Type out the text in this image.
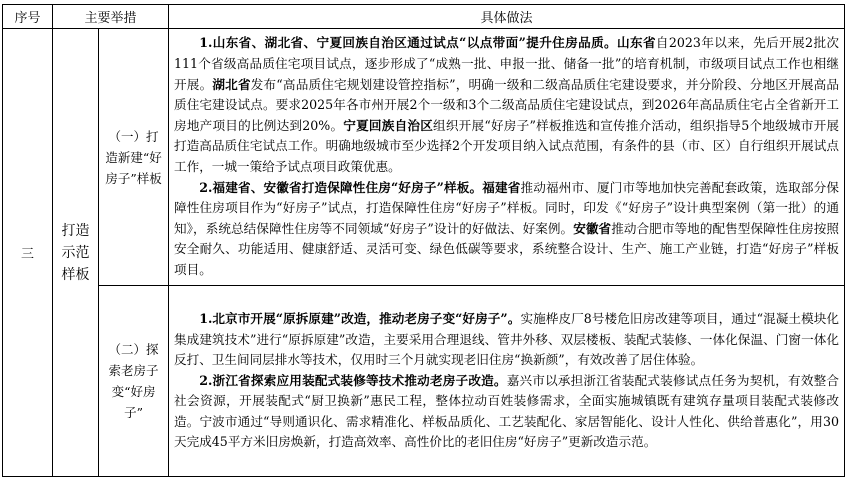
序号	主要举措		具体做法
三	打造示范样板	（一）打造新建“好房子”样板	1.山东省、湖北省、宁夏回族自治区通过试点“以点带面”提升住房品质。山东省自2023年以来，先后开展2批次111个省级高品质住宅项目试点，逐步形成了“成熟一批、申报一批、储备一批”的培育机制，市级项目试点工作也相继开展。湖北省发布“高品质住宅规划建设管控指标”，明确一级和二级高品质住宅建设要求，并分阶段、分地区开展高品质住宅建设试点。要求2025年各市州开展2个一级和3个二级高品质住宅建设试点，到2026年高品质住宅占全省新开工房地产项目的比例达到20%。宁夏回族自治区组织开展“好房子”样板推选和宣传推介活动，组织指导5个地级城市开展打造高品质住宅试点工作。明确地级城市至少选择2个开发项目纳入试点范围，有条件的县（市、区）自行组织开展试点工作，一城一策给予试点项目政策优惠。

2.福建省、安徽省打造保障性住房“好房子”样板。福建省推动福州市、厦门市等地加快完善配套政策，选取部分保障性住房项目作为“好房子”试点，打造保障性住房“好房子”样板。同时，印发《“好房子”设计典型案例（第一批）的通知》，系统总结保障性住房等不同领域“好房子”设计的好做法、好案例。安徽省推动合肥市等地的配售型保障性住房按照安全耐久、功能适用、健康舒适、灵活可变、绿色低碳等要求，系统整合设计、生产、施工产业链，打造“好房子”样板项目。

		（二）探索老房子变“好房子”	1.北京市开展“原拆原建”改造，推动老房子变“好房子”。实施桦皮厂8号楼危旧房改建等项目，通过“混凝土模块化集成建筑技术”进行“原拆原建”改造，主要采用合理退线、管井外移、双层楼板、装配式装修、一体化保温、门窗一体化反打、卫生间同层排水等技术，仅用时三个月就实现老旧住房“换新颜”，有效改善了居住体验。

2.浙江省探索应用装配式装修等技术推动老房子改造。嘉兴市以承担浙江省装配式装修试点任务为契机，有效整合社会资源，开展装配式“厨卫换新”惠民工程，整体拉动百姓装修需求，全面实施城镇既有建筑存量项目装配式装修改造。宁波市通过“导则通识化、需求精准化、样板品质化、工艺装配化、家居智能化、设计人性化、供给普惠化”，用30天完成45平方米旧房焕新，打造高效率、高性价比的老旧住房“好房子”更新改造示范。
